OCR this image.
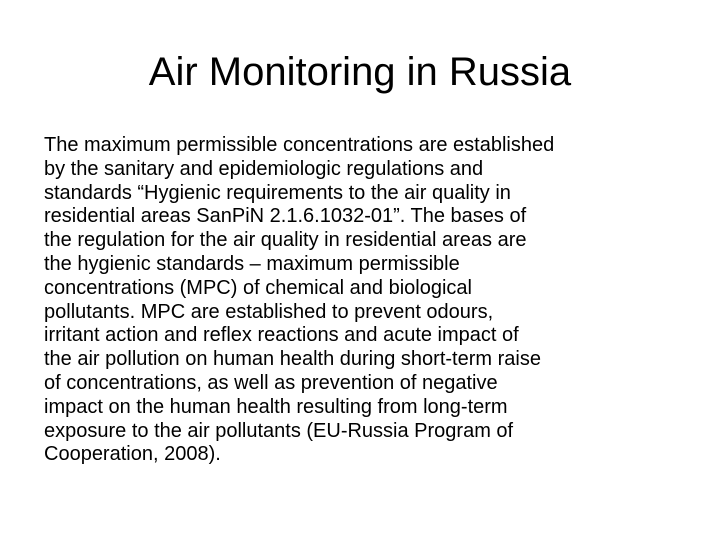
Air Monitoring in Russia

The maximum permissible concentrations are established
by the sanitary and epidemiologic regulations and
standards “Hygienic requirements to the air quality in
residential areas SanPiN 2.1.6.1032-01”. The bases of
the regulation for the air quality in residential areas are
the hygienic standards – maximum permissible
concentrations (MPC) of chemical and biological
pollutants. MPC are established to prevent odours,
irritant action and reflex reactions and acute impact of
the air pollution on human health during short-term raise
of concentrations, as well as prevention of negative
impact on the human health resulting from long-term
exposure to the air pollutants (EU-Russia Program of
Cooperation, 2008).
